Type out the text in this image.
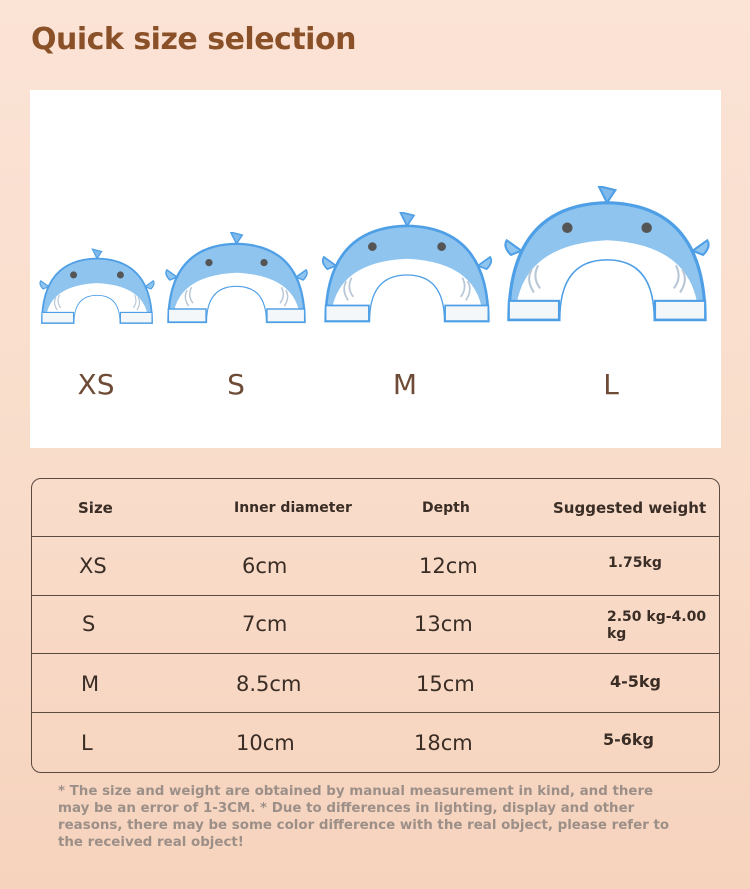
Quick size selection
XS	S	M	L
Size	Inner diameter	Depth	Suggested weight
XS	6cm	12cm	1.75kg
S	7cm	13cm	2.50 kg-4.00
kg
M	8.5cm	15cm	4-5kg
L	10cm	18cm	5-6kg
* The size and weight are obtained by manual measurement in kind, and there may be an error of 1-3CM. * Due to differences in lighting, display and other reasons, there may be some color difference with the real object, please refer to the received real object!
